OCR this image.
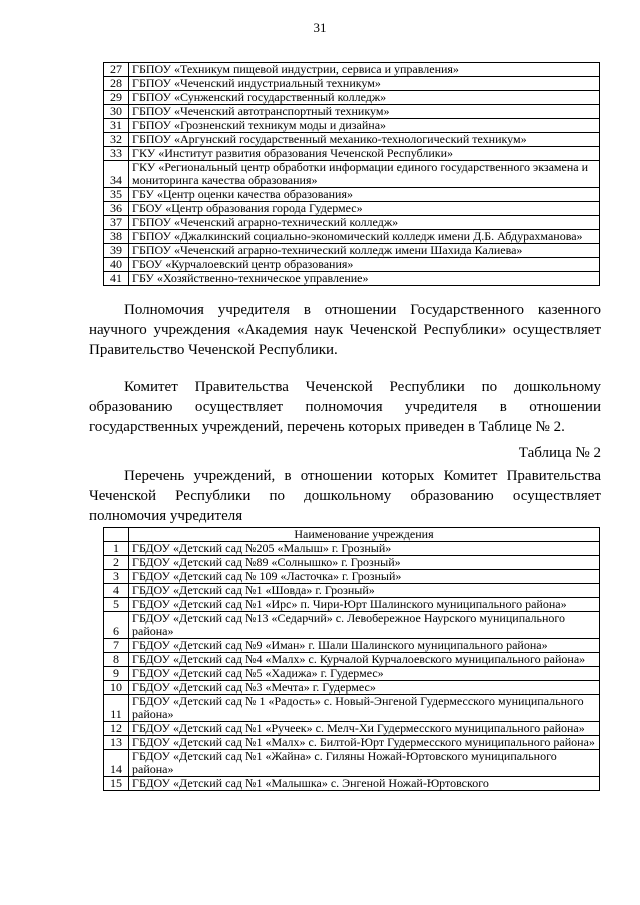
31
27	ГБПОУ «Техникум пищевой индустрии, сервиса и управления»
28	ГБПОУ «Чеченский индустриальный техникум»
29	ГБПОУ «Сунженский государственный колледж»
30	ГБПОУ «Чеченский автотранспортный техникум»
31	ГБПОУ «Грозненский техникум моды и дизайна»
32	ГБПОУ «Аргунский государственный механико-технологический техникум»
33	ГКУ «Институт развития образования Чеченской Республики»
34	ГКУ «Региональный центр обработки информации единого государственного экзамена и мониторинга качества образования»
35	ГБУ «Центр оценки качества образования»
36	ГБОУ «Центр образования города Гудермес»
37	ГБПОУ «Чеченский аграрно-технический колледж»
38	ГБПОУ «Джалкинский социально-экономический колледж имени Д.Б. Абдурахманова»
39	ГБПОУ «Чеченский аграрно-технический колледж имени Шахида Калиева»
40	ГБОУ «Курчалоевский центр образования»
41	ГБУ «Хозяйственно-техническое управление»

Полномочия учредителя в отношении Государственного казенного научного учреждения «Академия наук Чеченской Республики» осуществляет Правительство Чеченской Республики.

Комитет Правительства Чеченской Республики по дошкольному образованию осуществляет полномочия учредителя в отношении государственных учреждений, перечень которых приведен в Таблице № 2.

Таблица № 2

Перечень учреждений, в отношении которых Комитет Правительства Чеченской Республики по дошкольному образованию осуществляет полномочия учредителя

	Наименование учреждения
1	ГБДОУ «Детский сад №205 «Малыш» г. Грозный»
2	ГБДОУ «Детский сад №89 «Солнышко» г. Грозный»
3	ГБДОУ «Детский сад № 109 «Ласточка» г. Грозный»
4	ГБДОУ «Детский сад №1 «Шовда» г. Грозный»
5	ГБДОУ «Детский сад №1 «Ирс» п. Чири-Юрт Шалинского муниципального района»
6	ГБДОУ «Детский сад №13 «Седарчий» с. Левобережное Наурского муниципального района»
7	ГБДОУ «Детский сад №9 «Иман» г. Шали Шалинского муниципального района»
8	ГБДОУ «Детский сад №4 «Малх» с. Курчалой Курчалоевского муниципального района»
9	ГБДОУ «Детский сад №5 «Хадижа» г. Гудермес»
10	ГБДОУ «Детский сад №3 «Мечта» г. Гудермес»
11	ГБДОУ «Детский сад № 1 «Радость» с. Новый-Энгеной Гудермесского муниципального района»
12	ГБДОУ «Детский сад №1 «Ручеек» с. Мелч-Хи Гудермесского муниципального района»
13	ГБДОУ «Детский сад №1 «Малх» с. Билтой-Юрт Гудермесского муниципального района»
14	ГБДОУ «Детский сад №1 «Жайна» с. Гиляны Ножай-Юртовского муниципального района»
15	ГБДОУ «Детский сад №1 «Малышка» с. Энгеной Ножай-Юртовского
